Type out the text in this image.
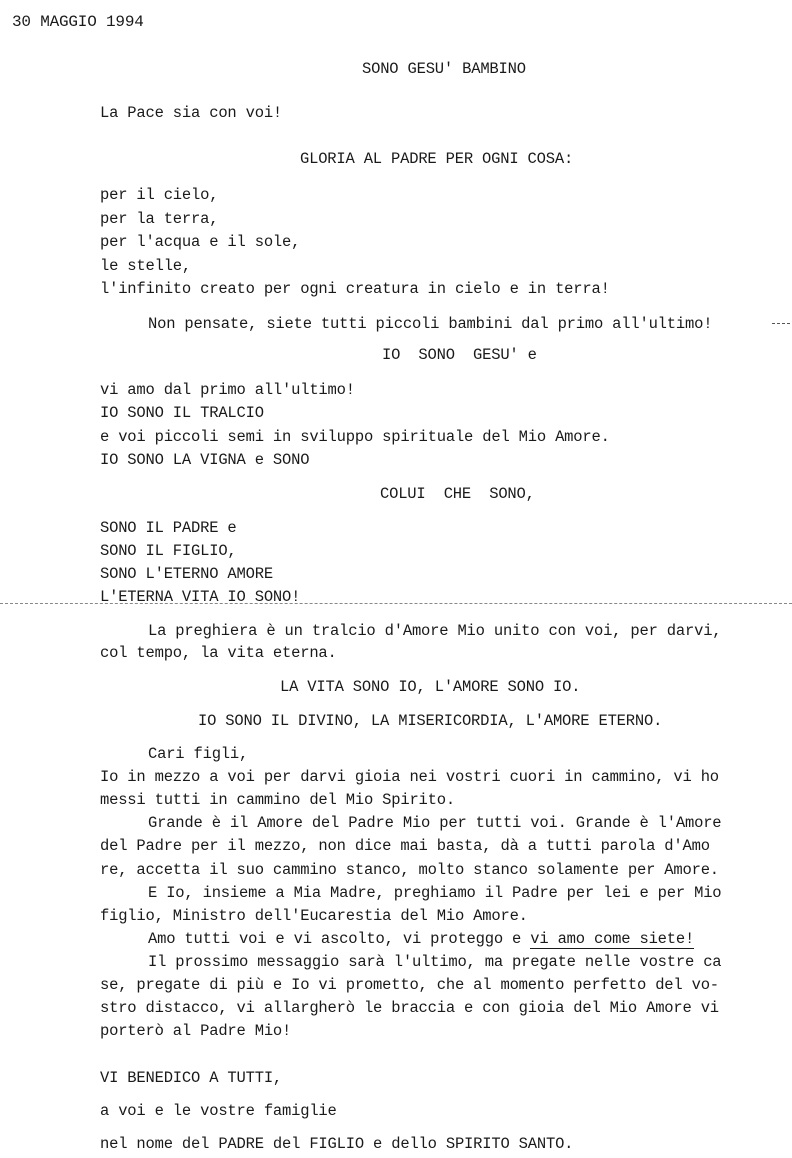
30 MAGGIO 1994
SONO GESU' BAMBINO
La Pace sia con voi!
GLORIA AL PADRE PER OGNI COSA:
per il cielo,
per la terra,
per l'acqua e il sole,
le stelle,
l'infinito creato per ogni creatura in cielo e in terra!
Non pensate, siete tutti piccoli bambini dal primo all'ultimo!
IO  SONO  GESU' e
vi amo dal primo all'ultimo!
IO SONO IL TRALCIO
e voi piccoli semi in sviluppo spirituale del Mio Amore.
IO SONO LA VIGNA e SONO
COLUI  CHE  SONO,
SONO IL PADRE e
SONO IL FIGLIO,
SONO L'ETERNO AMORE
L'ETERNA VITA IO SONO!
La preghiera è un tralcio d'Amore Mio unito con voi, per darvi,
col tempo, la vita eterna.
LA VITA SONO IO, L'AMORE SONO IO.
IO SONO IL DIVINO, LA MISERICORDIA, L'AMORE ETERNO.
Cari figli,
Io in mezzo a voi per darvi gioia nei vostri cuori in cammino, vi ho
messi tutti in cammino del Mio Spirito.
Grande è il Amore del Padre Mio per tutti voi. Grande è l'Amore
del Padre per il mezzo, non dice mai basta, dà a tutti parola d'Amo
re, accetta il suo cammino stanco, molto stanco solamente per Amore.
E Io, insieme a Mia Madre, preghiamo il Padre per lei e per Mio
figlio, Ministro dell'Eucarestia del Mio Amore.
Amo tutti voi e vi ascolto, vi proteggo e vi amo come siete!
Il prossimo messaggio sarà l'ultimo, ma pregate nelle vostre ca
se, pregate di più e Io vi prometto, che al momento perfetto del vo-
stro distacco, vi allargherò le braccia e con gioia del Mio Amore vi
porterò al Padre Mio!
VI BENEDICO A TUTTI,
a voi e le vostre famiglie
nel nome del PADRE del FIGLIO e dello SPIRITO SANTO.
